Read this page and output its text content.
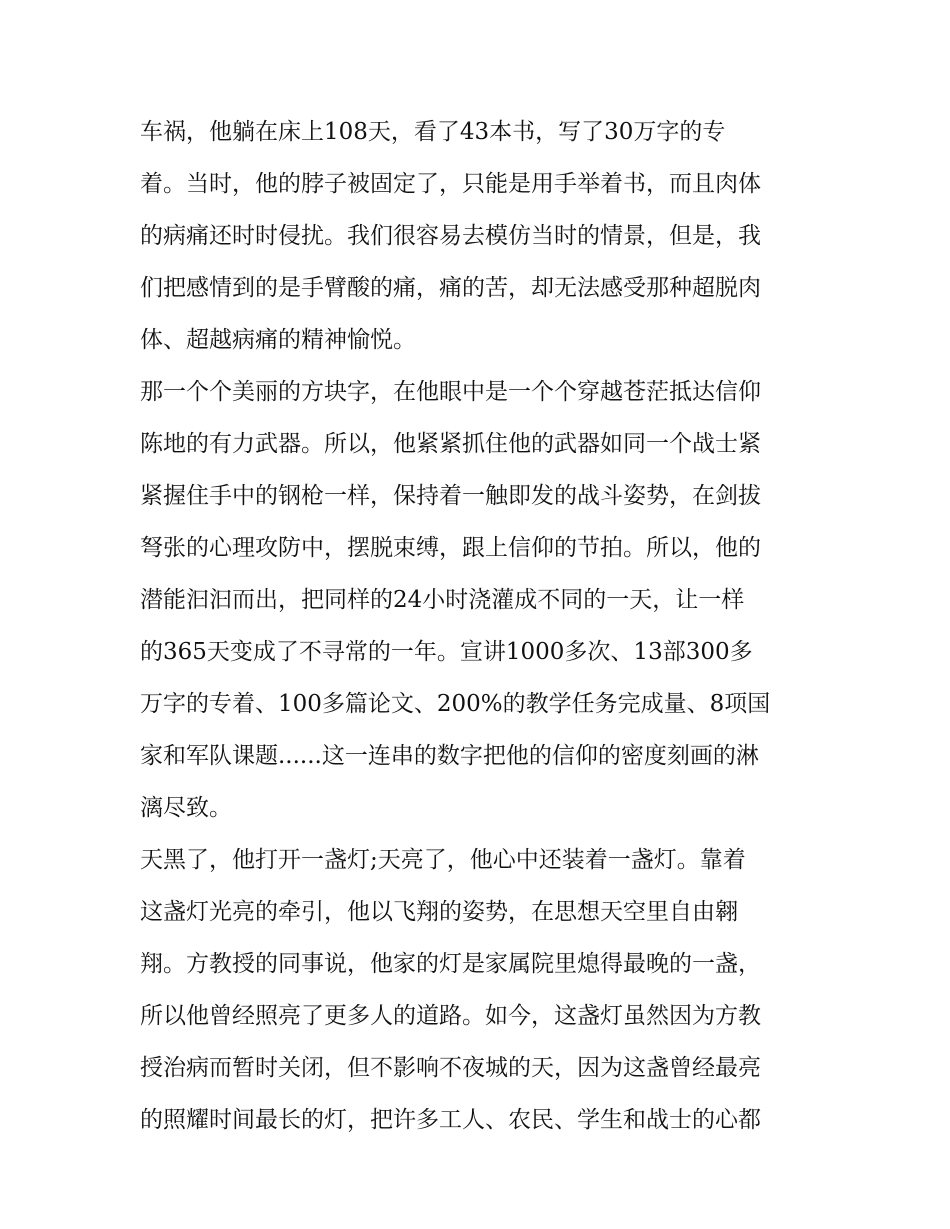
车祸，他躺在床上108天，看了43本书，写了30万字的专
着。当时，他的脖子被固定了，只能是用手举着书，而且肉体
的病痛还时时侵扰。我们很容易去模仿当时的情景，但是，我
们把感情到的是手臂酸的痛，痛的苦，却无法感受那种超脱肉
体、超越病痛的精神愉悦。
那一个个美丽的方块字，在他眼中是一个个穿越苍茫抵达信仰
陈地的有力武器。所以，他紧紧抓住他的武器如同一个战士紧
紧握住手中的钢枪一样，保持着一触即发的战斗姿势，在剑拔
弩张的心理攻防中，摆脱束缚，跟上信仰的节拍。所以，他的
潜能汩汩而出，把同样的24小时浇灌成不同的一天，让一样
的365天变成了不寻常的一年。宣讲1000多次、13部300多
万字的专着、100多篇论文、200%的教学任务完成量、8项国
家和军队课题......这一连串的数字把他的信仰的密度刻画的淋
漓尽致。
天黑了，他打开一盏灯;天亮了，他心中还装着一盏灯。靠着
这盏灯光亮的牵引，他以飞翔的姿势，在思想天空里自由翱
翔。方教授的同事说，他家的灯是家属院里熄得最晚的一盏，
所以他曾经照亮了更多人的道路。如今，这盏灯虽然因为方教
授治病而暂时关闭，但不影响不夜城的天，因为这盏曾经最亮
的照耀时间最长的灯，把许多工人、农民、学生和战士的心都
